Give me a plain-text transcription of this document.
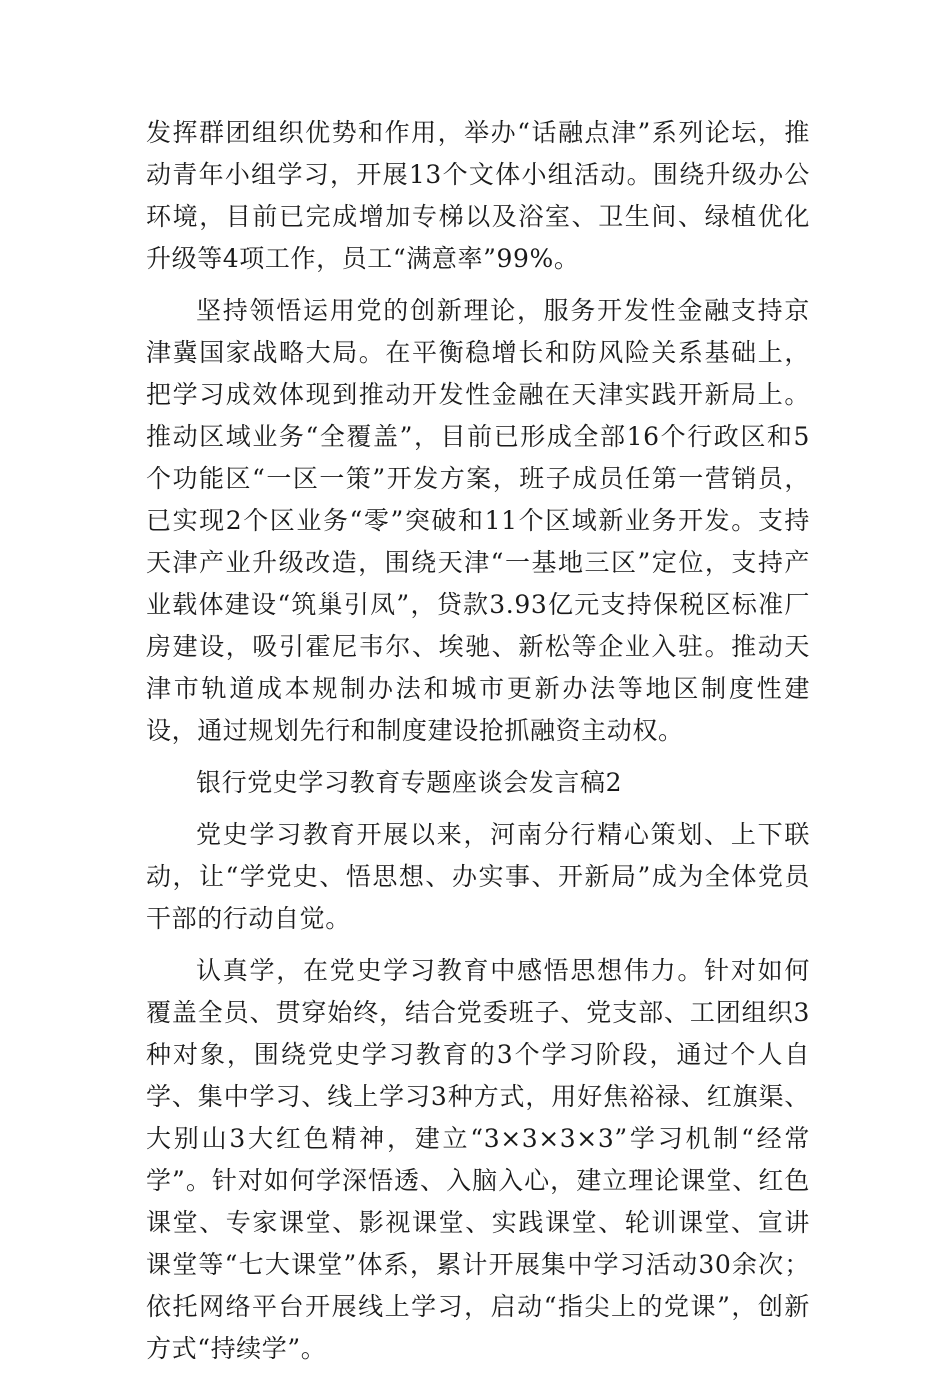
发挥群团组织优势和作用，举办“话融点津”系列论坛，推动青年小组学习，开展13个文体小组活动。围绕升级办公环境，目前已完成增加专梯以及浴室、卫生间、绿植优化升级等4项工作，员工“满意率”99%。

坚持领悟运用党的创新理论，服务开发性金融支持京津冀国家战略大局。在平衡稳增长和防风险关系基础上，把学习成效体现到推动开发性金融在天津实践开新局上。推动区域业务“全覆盖”，目前已形成全部16个行政区和5个功能区“一区一策”开发方案，班子成员任第一营销员，已实现2个区业务“零”突破和11个区域新业务开发。支持天津产业升级改造，围绕天津“一基地三区”定位，支持产业载体建设“筑巢引凤”，贷款3.93亿元支持保税区标准厂房建设，吸引霍尼韦尔、埃驰、新松等企业入驻。推动天津市轨道成本规制办法和城市更新办法等地区制度性建设，通过规划先行和制度建设抢抓融资主动权。

银行党史学习教育专题座谈会发言稿2

党史学习教育开展以来，河南分行精心策划、上下联动，让“学党史、悟思想、办实事、开新局”成为全体党员干部的行动自觉。

认真学，在党史学习教育中感悟思想伟力。针对如何覆盖全员、贯穿始终，结合党委班子、党支部、工团组织3种对象，围绕党史学习教育的3个学习阶段，通过个人自学、集中学习、线上学习3种方式，用好焦裕禄、红旗渠、大别山3大红色精神，建立“3×3×3×3”学习机制“经常学”。针对如何学深悟透、入脑入心，建立理论课堂、红色课堂、专家课堂、影视课堂、实践课堂、轮训课堂、宣讲课堂等“七大课堂”体系，累计开展集中学习活动30余次；依托网络平台开展线上学习，启动“指尖上的党课”，创新方式“持续学”。
